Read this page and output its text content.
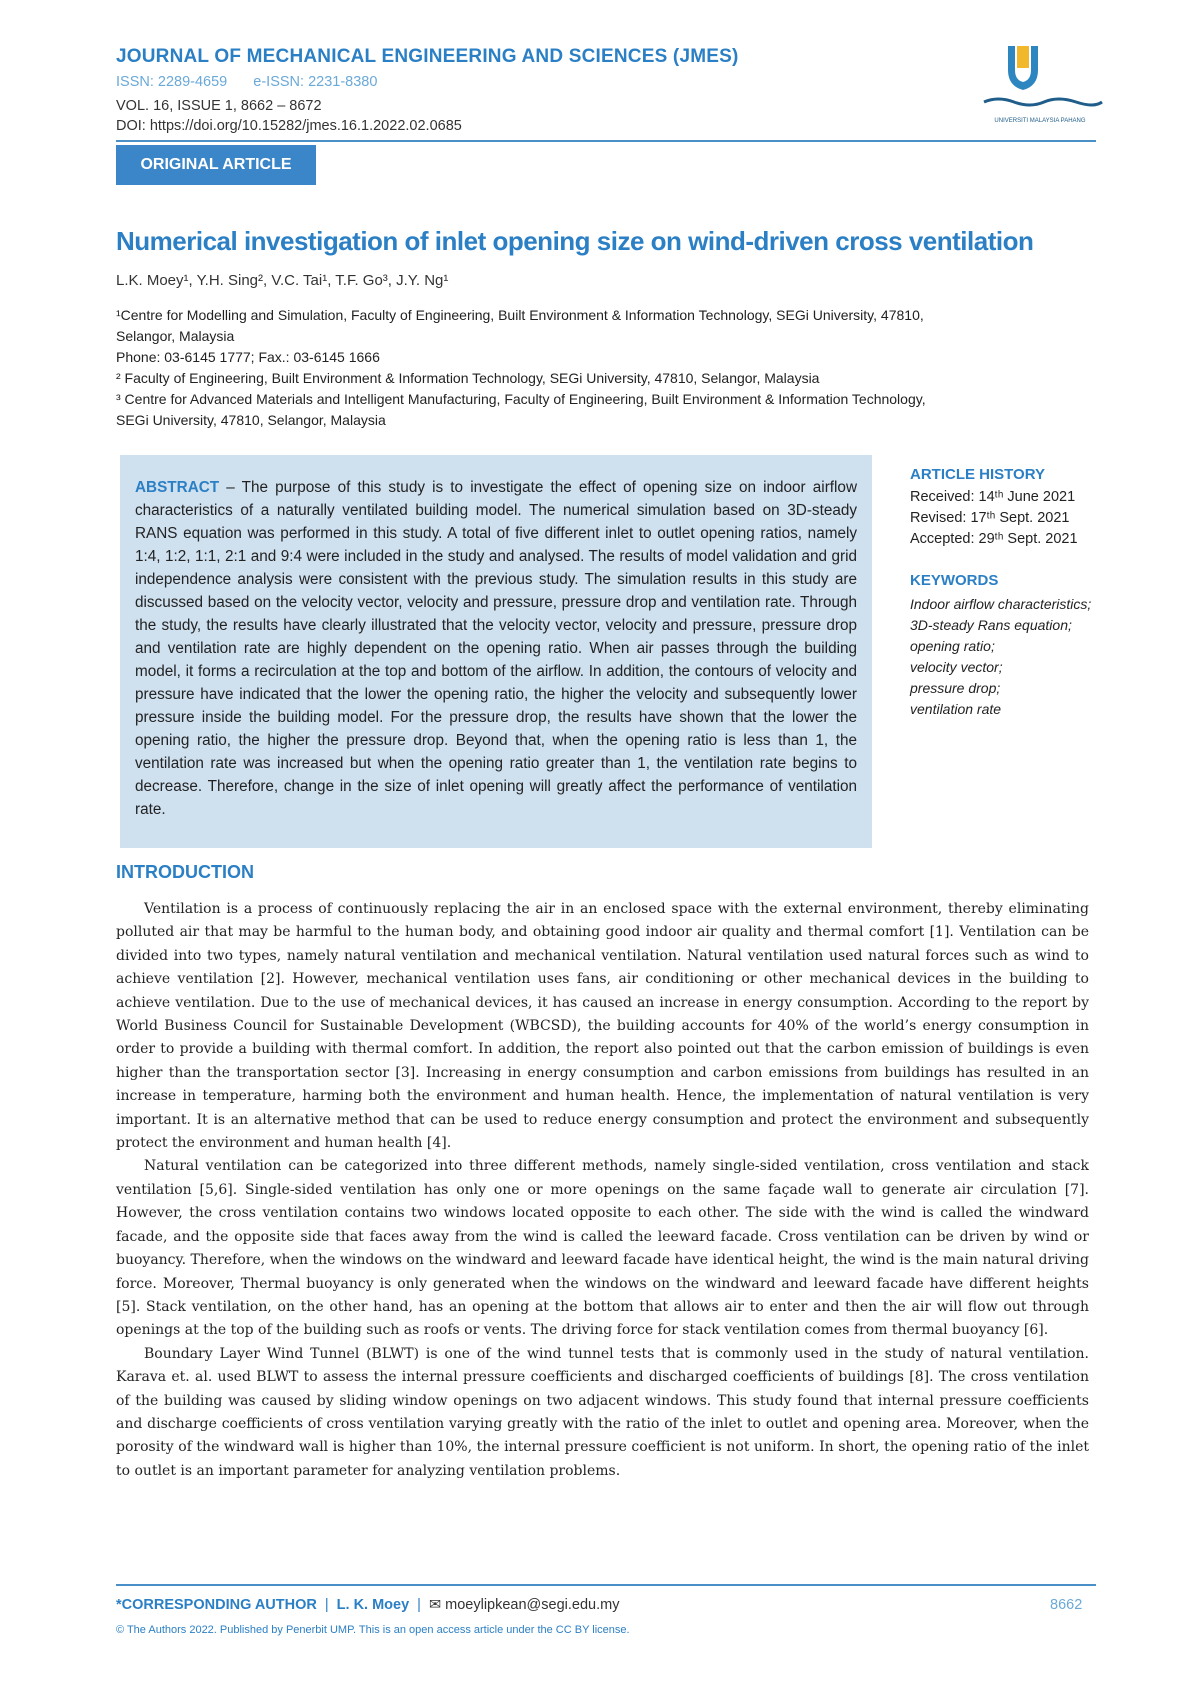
JOURNAL OF MECHANICAL ENGINEERING AND SCIENCES (JMES)
ISSN: 2289-4659 e-ISSN: 2231-8380
VOL. 16, ISSUE 1, 8662 – 8672
DOI: https://doi.org/10.15282/jmes.16.1.2022.02.0685
UMP
UNIVERSITI MALAYSIA PAHANG
ORIGINAL ARTICLE
Numerical investigation of inlet opening size on wind-driven cross ventilation
L.K. Moey¹, Y.H. Sing², V.C. Tai¹, T.F. Go³, J.Y. Ng¹
¹Centre for Modelling and Simulation, Faculty of Engineering, Built Environment & Information Technology, SEGi University, 47810,
Selangor, Malaysia
Phone: 03-6145 1777; Fax.: 03-6145 1666
² Faculty of Engineering, Built Environment & Information Technology, SEGi University, 47810, Selangor, Malaysia
³ Centre for Advanced Materials and Intelligent Manufacturing, Faculty of Engineering, Built Environment & Information Technology,
SEGi University, 47810, Selangor, Malaysia
ABSTRACT – The purpose of this study is to investigate the effect of opening size on indoor airflow characteristics of a naturally ventilated building model. The numerical simulation based on 3D-steady RANS equation was performed in this study. A total of five different inlet to outlet opening ratios, namely 1:4, 1:2, 1:1, 2:1 and 9:4 were included in the study and analysed. The results of model validation and grid independence analysis were consistent with the previous study. The simulation results in this study are discussed based on the velocity vector, velocity and pressure, pressure drop and ventilation rate. Through the study, the results have clearly illustrated that the velocity vector, velocity and pressure, pressure drop and ventilation rate are highly dependent on the opening ratio. When air passes through the building model, it forms a recirculation at the top and bottom of the airflow. In addition, the contours of velocity and pressure have indicated that the lower the opening ratio, the higher the velocity and subsequently lower pressure inside the building model. For the pressure drop, the results have shown that the lower the opening ratio, the higher the pressure drop. Beyond that, when the opening ratio is less than 1, the ventilation rate was increased but when the opening ratio greater than 1, the ventilation rate begins to decrease. Therefore, change in the size of inlet opening will greatly affect the performance of ventilation rate.
ARTICLE HISTORY
Received: 14ᵗʰ June 2021
Revised: 17ᵗʰ Sept. 2021
Accepted: 29ᵗʰ Sept. 2021
KEYWORDS
Indoor airflow characteristics;
3D-steady Rans equation;
opening ratio;
velocity vector;
pressure drop;
ventilation rate
INTRODUCTION

Ventilation is a process of continuously replacing the air in an enclosed space with the external environment, thereby eliminating polluted air that may be harmful to the human body, and obtaining good indoor air quality and thermal comfort [1]. Ventilation can be divided into two types, namely natural ventilation and mechanical ventilation. Natural ventilation used natural forces such as wind to achieve ventilation [2]. However, mechanical ventilation uses fans, air conditioning or other mechanical devices in the building to achieve ventilation. Due to the use of mechanical devices, it has caused an increase in energy consumption. According to the report by World Business Council for Sustainable Development (WBCSD), the building accounts for 40% of the world’s energy consumption in order to provide a building with thermal comfort. In addition, the report also pointed out that the carbon emission of buildings is even higher than the transportation sector [3]. Increasing in energy consumption and carbon emissions from buildings has resulted in an increase in temperature, harming both the environment and human health. Hence, the implementation of natural ventilation is very important. It is an alternative method that can be used to reduce energy consumption and protect the environment and subsequently protect the environment and human health [4].

Natural ventilation can be categorized into three different methods, namely single-sided ventilation, cross ventilation and stack ventilation [5,6]. Single-sided ventilation has only one or more openings on the same façade wall to generate air circulation [7]. However, the cross ventilation contains two windows located opposite to each other. The side with the wind is called the windward facade, and the opposite side that faces away from the wind is called the leeward facade. Cross ventilation can be driven by wind or buoyancy. Therefore, when the windows on the windward and leeward facade have identical height, the wind is the main natural driving force. Moreover, Thermal buoyancy is only generated when the windows on the windward and leeward facade have different heights [5]. Stack ventilation, on the other hand, has an opening at the bottom that allows air to enter and then the air will flow out through openings at the top of the building such as roofs or vents. The driving force for stack ventilation comes from thermal buoyancy [6].

Boundary Layer Wind Tunnel (BLWT) is one of the wind tunnel tests that is commonly used in the study of natural ventilation. Karava et. al. used BLWT to assess the internal pressure coefficients and discharged coefficients of buildings [8]. The cross ventilation of the building was caused by sliding window openings on two adjacent windows. This study found that internal pressure coefficients and discharge coefficients of cross ventilation varying greatly with the ratio of the inlet to outlet and opening area. Moreover, when the porosity of the windward wall is higher than 10%, the internal pressure coefficient is not uniform. In short, the opening ratio of the inlet to outlet is an important parameter for analyzing ventilation problems.

*CORRESPONDING AUTHOR | L. K. Moey | ✉ moeylipkean@segi.edu.my	8662
© The Authors 2022. Published by Penerbit UMP. This is an open access article under the CC BY license.
